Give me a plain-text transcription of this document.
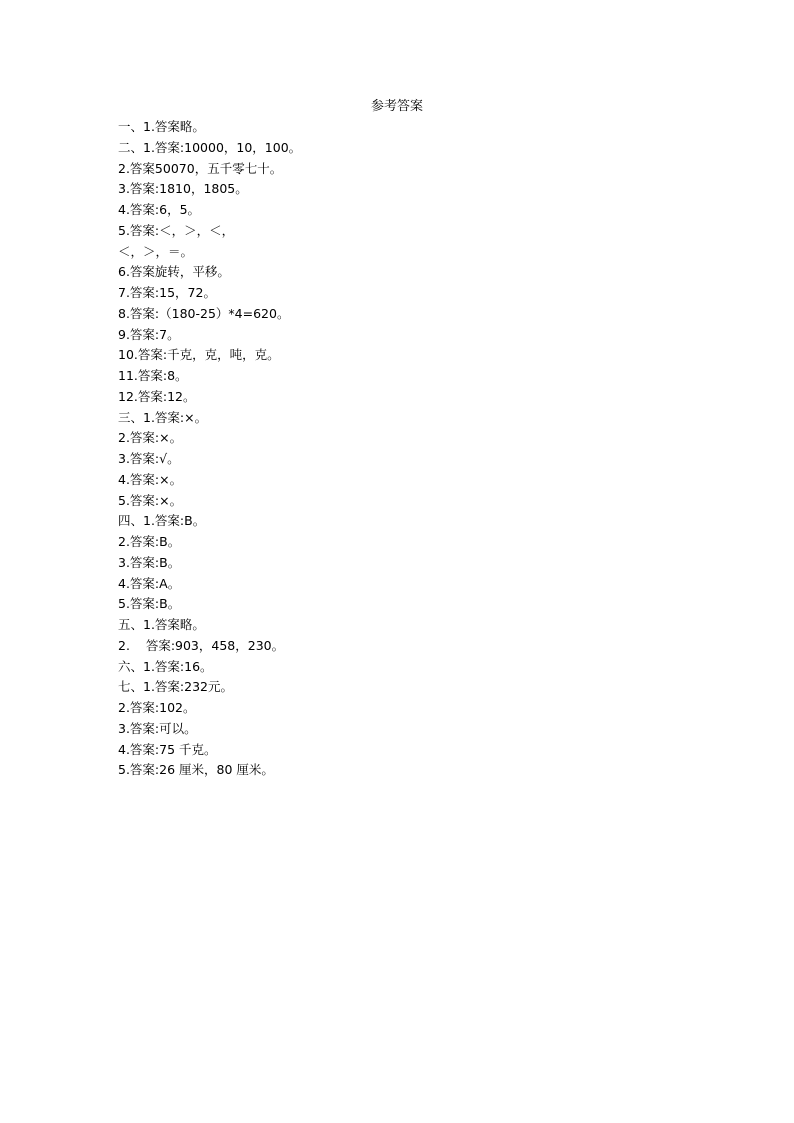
参考答案
一、1.答案略。
二、1.答案:10000，10，100。
2.答案50070，五千零七十。
3.答案:1810，1805。
4.答案:6，5。
5.答案:＜，＞，＜，
＜，＞，＝。
6.答案旋转，平移。
7.答案:15，72。
8.答案:（180-25）*4=620。
9.答案:7。
10.答案:千克，克，吨，克。
11.答案:8。
12.答案:12。
三、1.答案:×。
2.答案:×。
3.答案:√。
4.答案:×。
5.答案:×。
四、1.答案:B。
2.答案:B。
3.答案:B。
4.答案:A。
5.答案:B。
五、1.答案略。
2.    答案:903，458，230。
六、1.答案:16。
七、1.答案:232元。
2.答案:102。
3.答案:可以。
4.答案:75 千克。
5.答案:26 厘米，80 厘米。
